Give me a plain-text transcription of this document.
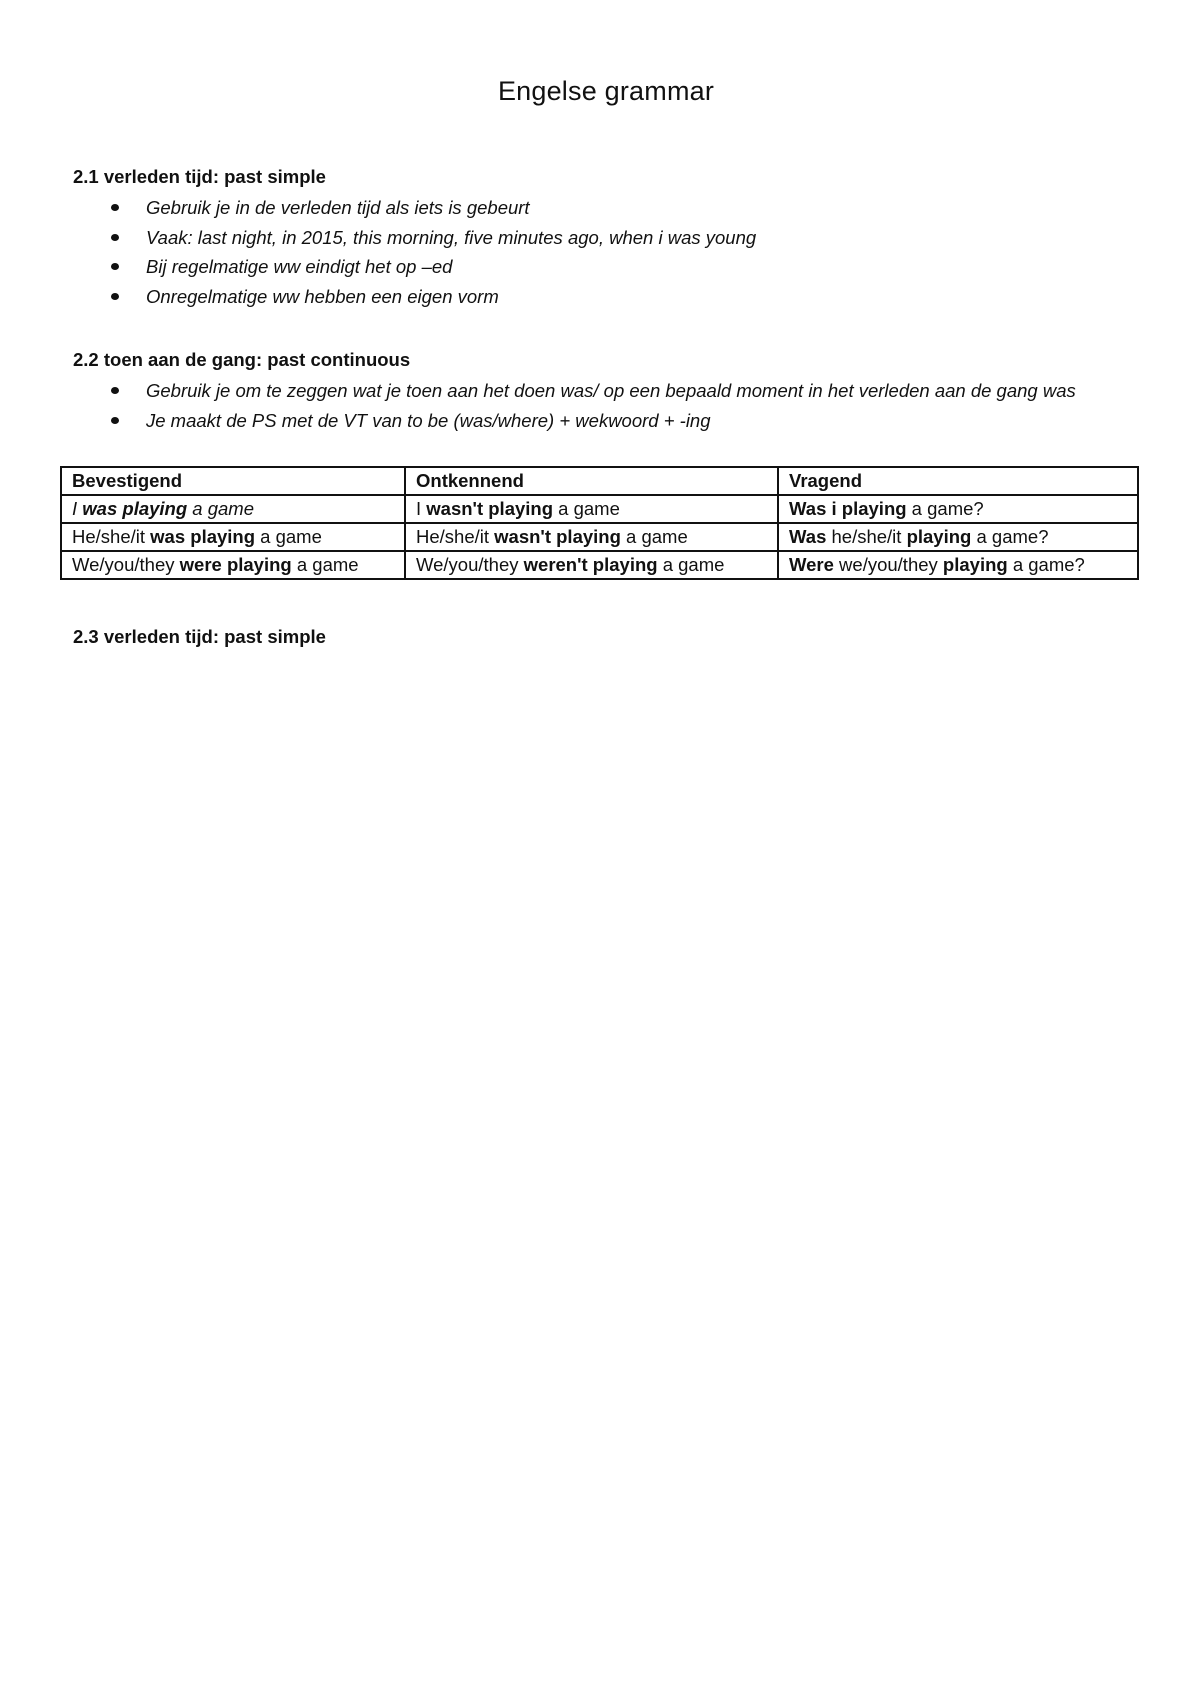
Engelse grammar
2.1 verleden tijd: past simple
Gebruik je in de verleden tijd als iets is gebeurt
Vaak: last night, in 2015, this morning, five minutes ago, when i was young
Bij regelmatige ww eindigt het op –ed
Onregelmatige ww hebben een eigen vorm
2.2 toen aan de gang: past continuous
Gebruik je om te zeggen wat je toen aan het doen was/ op een bepaald moment in het verleden aan de gang was
Je maakt de PS met de VT van to be (was/where) + wekwoord + -ing
Bevestigend	Ontkennend	Vragend
I was playing a game	I wasn't playing a game	Was i playing a game?
He/she/it was playing a game	He/she/it wasn't playing a game	Was he/she/it playing a game?
We/you/they were playing a game	We/you/they weren't playing a game	Were we/you/they playing a game?
2.3 verleden tijd: past simple
